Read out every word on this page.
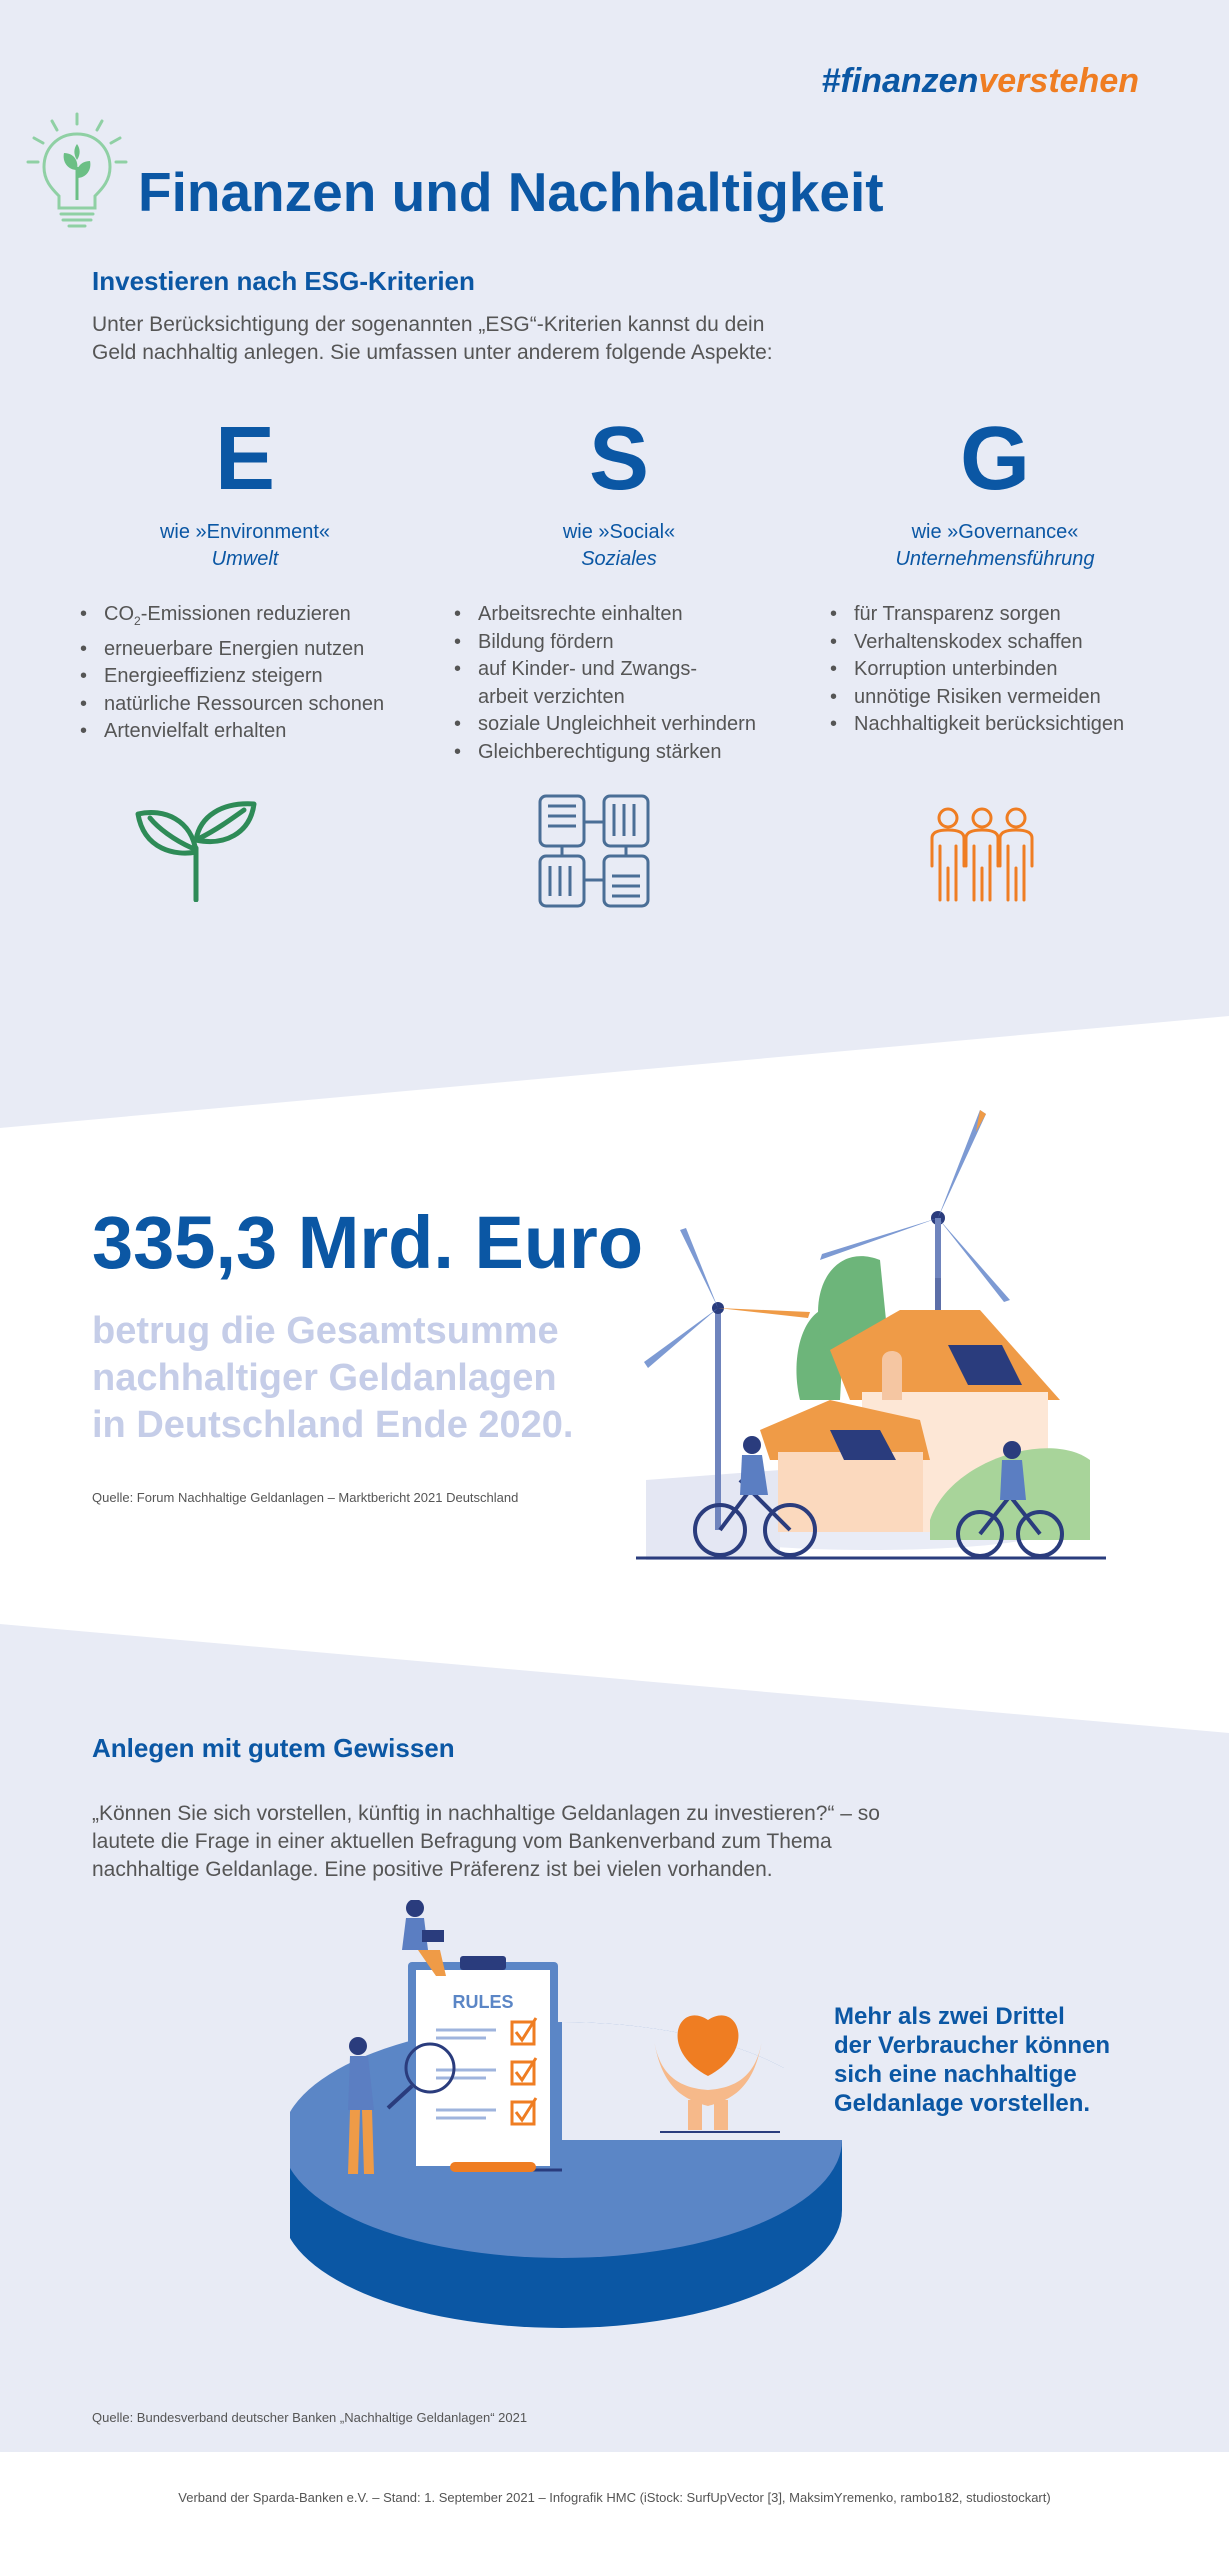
#finanzenverstehen
Finanzen und Nachhaltigkeit
Investieren nach ESG-Kriterien
Unter Berücksichtigung der sogenannten „ESG“-Kriterien kannst du dein
Geld nachhaltig anlegen. Sie umfassen unter anderem folgende Aspekte:
E
wie »Environment«
Umwelt
• $CO_2$-Emissionen reduzieren
• erneuerbare Energien nutzen
• Energieeffizienz steigern
• natürliche Ressourcen schonen
• Artenvielfalt erhalten
S
wie »Social«
Soziales
• Arbeitsrechte einhalten
• Bildung fördern
• auf Kinder- und Zwangs-
arbeit verzichten
• soziale Ungleichheit verhindern
• Gleichberechtigung stärken
G
wie »Governance«
Unternehmensführung
• für Transparenz sorgen
• Verhaltenskodex schaffen
• Korruption unterbinden
• unnötige Risiken vermeiden
• Nachhaltigkeit berücksichtigen
335,3 Mrd. Euro
betrug die Gesamtsumme
nachhaltiger Geldanlagen
in Deutschland Ende 2020.
Quelle: Forum Nachhaltige Geldanlagen – Marktbericht 2021 Deutschland
Anlegen mit gutem Gewissen
„Können Sie sich vorstellen, künftig in nachhaltige Geldanlagen zu investieren?“ – so
lautete die Frage in einer aktuellen Befragung vom Bankenverband zum Thema
nachhaltige Geldanlage. Eine positive Präferenz ist bei vielen vorhanden.
RULES
Mehr als zwei Drittel
der Verbraucher können
sich eine nachhaltige
Geldanlage vorstellen.
Quelle: Bundesverband deutscher Banken „Nachhaltige Geldanlagen“ 2021
Verband der Sparda-Banken e.V. – Stand: 1. September 2021 – Infografik HMC (iStock: SurfUpVector [3], MaksimYremenko, rambo182, studiostockart)
